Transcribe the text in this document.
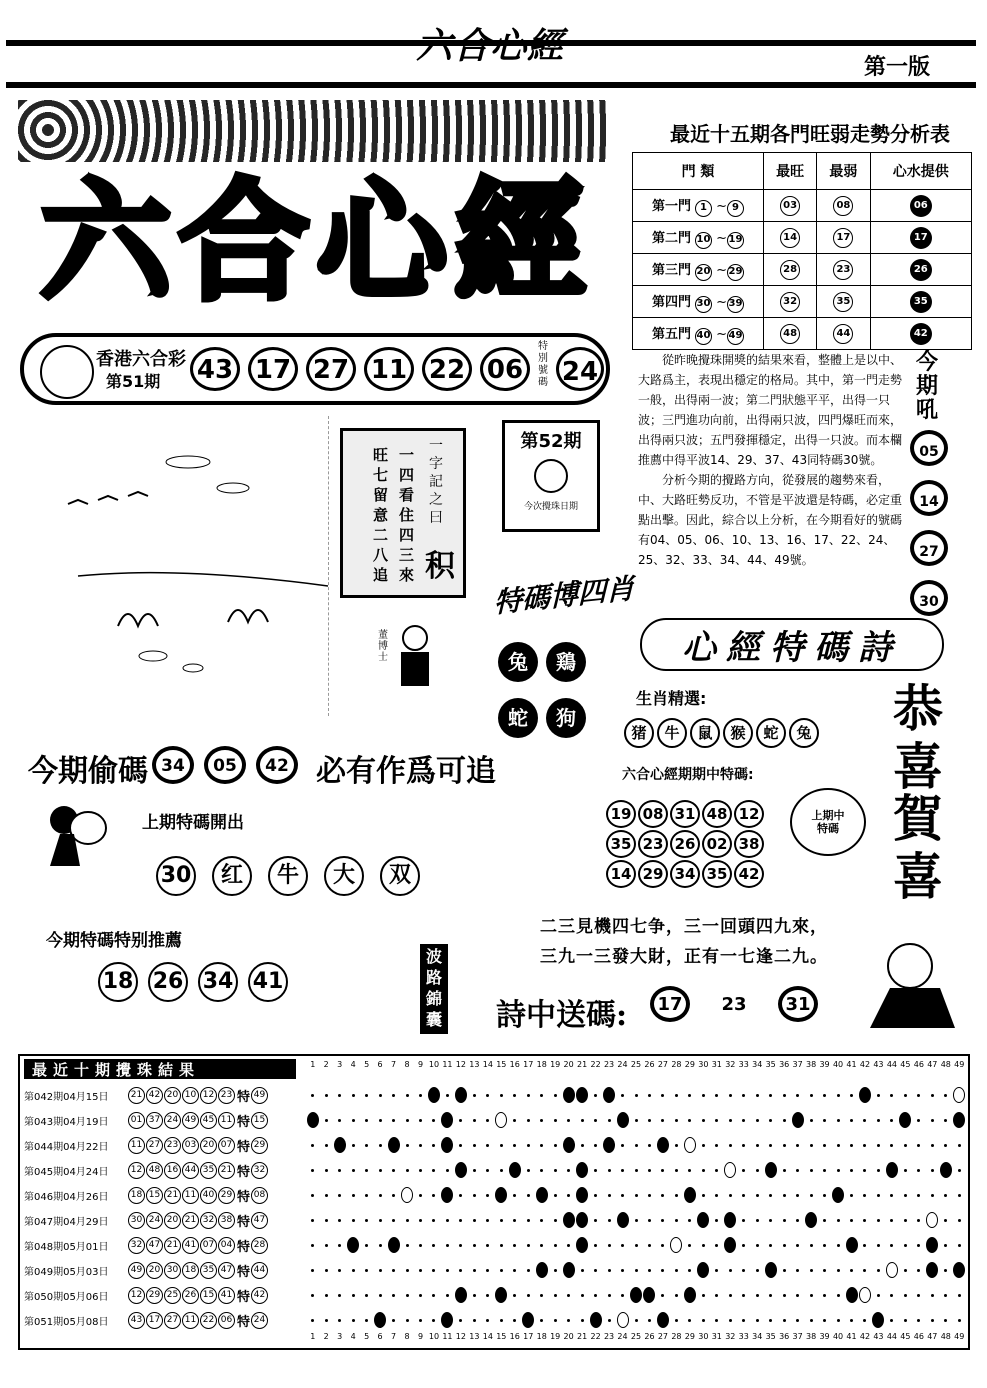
六合心經
第一版
六合心經
香港六合彩
第51期 43 17 27 11 22 06
特別號碼 24
最近十五期各門旺弱走勢分析表
門 類	最旺	最弱	心水提供
第一門 1 ~ 9	03	08	06
第二門 10 ~ 19	14	17	17
第三門 20 ~ 29	28	23	26
第四門 30 ~ 39	32	35	35
第五門 40 ~ 49	48	44	42

從昨晚攪珠開獎的結果來看，整體上是以中、大路爲主，表現出穩定的格局。其中，第一門走勢一般，出得兩一波；第二門狀態平平，出得一只波；三門進功向前，出得兩只波，四門爆旺而來，出得兩只波；五門發揮穩定，出得一只波。而本欄推薦中得平波14、29、37、43同特碼30號。

分析今期的攪路方向，從發展的趨勢來看，中、大路旺勢反功，不管是平波還是特碼，必定重點出擊。因此，綜合以上分析，在今期看好的號碼有04、05、06、10、13、16、17、22、24、25、32、33、34、44、49號。

今期吼
05142730
旺七留意二八追
一四看住四三來
一字記之曰
积
第52期
今次攪珠日期
董博士
特碼博四肖
兔 鶏蛇 狗
心經特碼詩
生肖精選:
猪 牛 鼠 猴 蛇 兔	恭喜
賀喜
六合心經期期中特碼:
19 08 31 48 12
35 23 26 02 38
14 29 34 35 42
上期中特碼
二三見機四七争，三一回頭四九來，
三九一三發大財，正有一七逢二九。
詩中送碼:	17 23 31
今期偷碼 34 05 42 必有作爲可追
上期特碼開出
30 红 牛 大 双
今期特碼特别推薦
18 26 34 41
波路錦囊
最近十期攪珠結果	1	2	3	4	5	6	7	8	9 10 11 12 13 14 15 16 17 18 19 20 21 22 23 24 25 26 27 28 29 30 31 32 33 34 35 36 37 38 39 40 41 42 43 44 45 46 47 48 49
第042期04月15日	21 42 20 10 12 23 特 49
第043期04月19日	01 37 24 49 45 11 特 15
第044期04月22日	11 27 23 03 20 07 特 29
第045期04月24日	12 48 16 44 35 21 特 32
第046期04月26日	18 15 21 11 40 29 特 08
第047期04月29日	30 24 20 21 32 38 特 47
第048期05月01日	32 47 21 41 07 04 特 28
第049期05月03日	49 20 30 18 35 47 特 44
第050期05月06日	12 29 25 26 15 41 特 42
第051期05月08日	43 17 27 11 22 06 特 24
1	2	3	4	5	6	7	8	9 10 11 12 13 14 15 16 17 18 19 20 21 22 23 24 25 26 27 28 29 30 31 32 33 34 35 36 37 38 39 40 41 42 43 44 45 46 47 48 49
